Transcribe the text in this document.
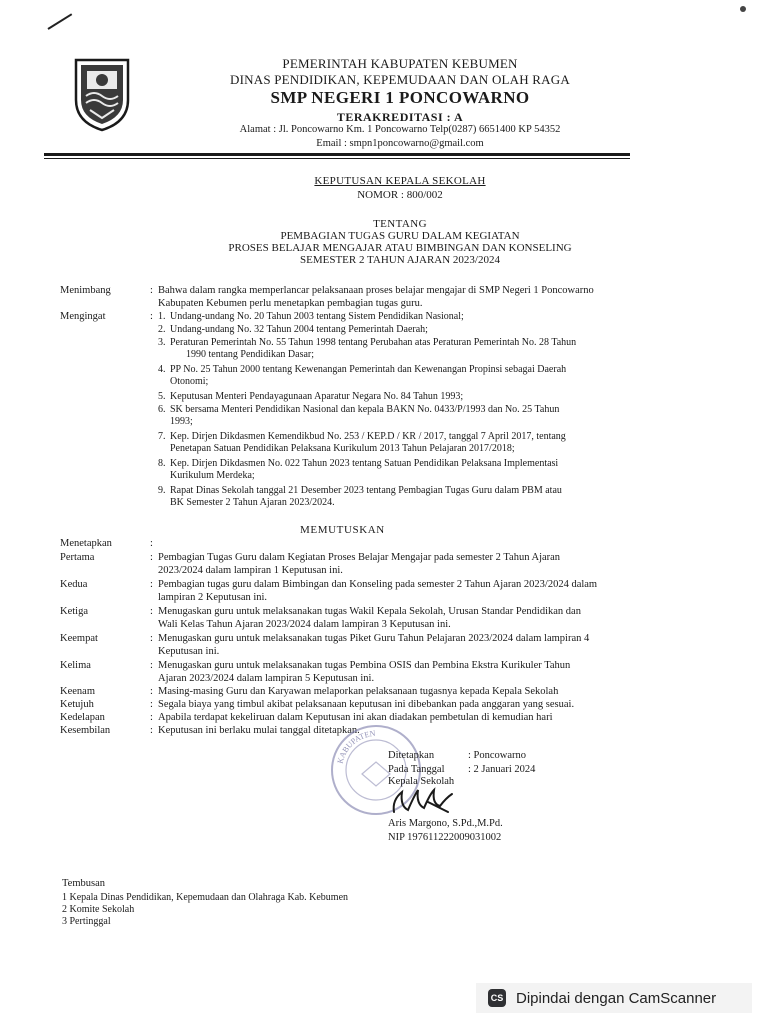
PEMERINTAH KABUPATEN KEBUMEN
DINAS PENDIDIKAN, KEPEMUDAAN DAN OLAH RAGA
SMP NEGERI 1 PONCOWARNO
TERAKREDITASI : A
Alamat : Jl. Poncowarno Km. 1 Poncowarno Telp(0287) 6651400 KP 54352
Email : smpn1poncowarno@gmail.com
KEPUTUSAN KEPALA SEKOLAH
NOMOR : 800/002
TENTANG
PEMBAGIAN TUGAS GURU DALAM KEGIATAN
PROSES BELAJAR MENGAJAR ATAU BIMBINGAN DAN KONSELING
SEMESTER 2 TAHUN AJARAN 2023/2024
Menimbang	: Bahwa dalam rangka memperlancar pelaksanaan proses belajar mengajar di SMP Negeri 1 Poncowarno
Kabupaten Kebumen perlu menetapkan pembagian tugas guru.
Mengingat	: 1. Undang-undang No. 20 Tahun 2003 tentang Sistem Pendidikan Nasional;
2. Undang-undang No. 32 Tahun 2004 tentang Pemerintah Daerah;
3. Peraturan Pemerintah No. 55 Tahun 1998 tentang Perubahan atas Peraturan Pemerintah No. 28 Tahun
1990 tentang Pendidikan Dasar;
4. PP No. 25 Tahun 2000 tentang Kewenangan Pemerintah dan Kewenangan Propinsi sebagai Daerah
Otonomi;
5. Keputusan Menteri Pendayagunaan Aparatur Negara No. 84 Tahun 1993;
6. SK bersama Menteri Pendidikan Nasional dan kepala BAKN No. 0433/P/1993 dan No. 25 Tahun
1993;
7. Kep. Dirjen Dikdasmen Kemendikbud No. 253 / KEP.D / KR / 2017, tanggal 7 April 2017, tentang
Penetapan Satuan Pendidikan Pelaksana Kurikulum 2013 Tahun Pelajaran 2017/2018;
8. Kep. Dirjen Dikdasmen No. 022 Tahun 2023 tentang Satuan Pendidikan Pelaksana Implementasi
Kurikulum Merdeka;
9. Rapat Dinas Sekolah tanggal 21 Desember 2023 tentang Pembagian Tugas Guru dalam PBM atau
BK Semester 2 Tahun Ajaran 2023/2024.
MEMUTUSKAN
Menetapkan	:
Pertama	: Pembagian Tugas Guru dalam Kegiatan Proses Belajar Mengajar pada semester 2 Tahun Ajaran
2023/2024 dalam lampiran 1 Keputusan ini.
Kedua	: Pembagian tugas guru dalam Bimbingan dan Konseling pada semester 2 Tahun Ajaran 2023/2024 dalam
lampiran 2 Keputusan ini.
Ketiga	: Menugaskan guru untuk melaksanakan tugas Wakil Kepala Sekolah, Urusan Standar Pendidikan dan
Wali Kelas Tahun Ajaran 2023/2024 dalam lampiran 3 Keputusan ini.
Keempat	: Menugaskan guru untuk melaksanakan tugas Piket Guru Tahun Pelajaran 2023/2024 dalam lampiran 4
Keputusan ini.
Kelima	: Menugaskan guru untuk melaksanakan tugas Pembina OSIS dan Pembina Ekstra Kurikuler Tahun
Ajaran 2023/2024 dalam lampiran 5 Keputusan ini.
Keenam	: Masing-masing Guru dan Karyawan melaporkan pelaksanaan tugasnya kepada Kepala Sekolah
Ketujuh	: Segala biaya yang timbul akibat pelaksanaan keputusan ini dibebankan pada anggaran yang sesuai.
Kedelapan	: Apabila terdapat kekeliruan dalam Keputusan ini akan diadakan pembetulan di kemudian hari
Kesembilan	: Keputusan ini berlaku mulai tanggal ditetapkan.
KABUPATEN
Ditetapkan	: Poncowarno
Pada Tanggal : 2 Januari 2024
Kepala Sekolah
Aris Margono, S.Pd.,M.Pd.
NIP 197611222009031002
Tembusan
1 Kepala Dinas Pendidikan, Kepemudaan dan Olahraga Kab. Kebumen
2 Komite Sekolah
3 Pertinggal
CS Dipindai dengan CamScanner
